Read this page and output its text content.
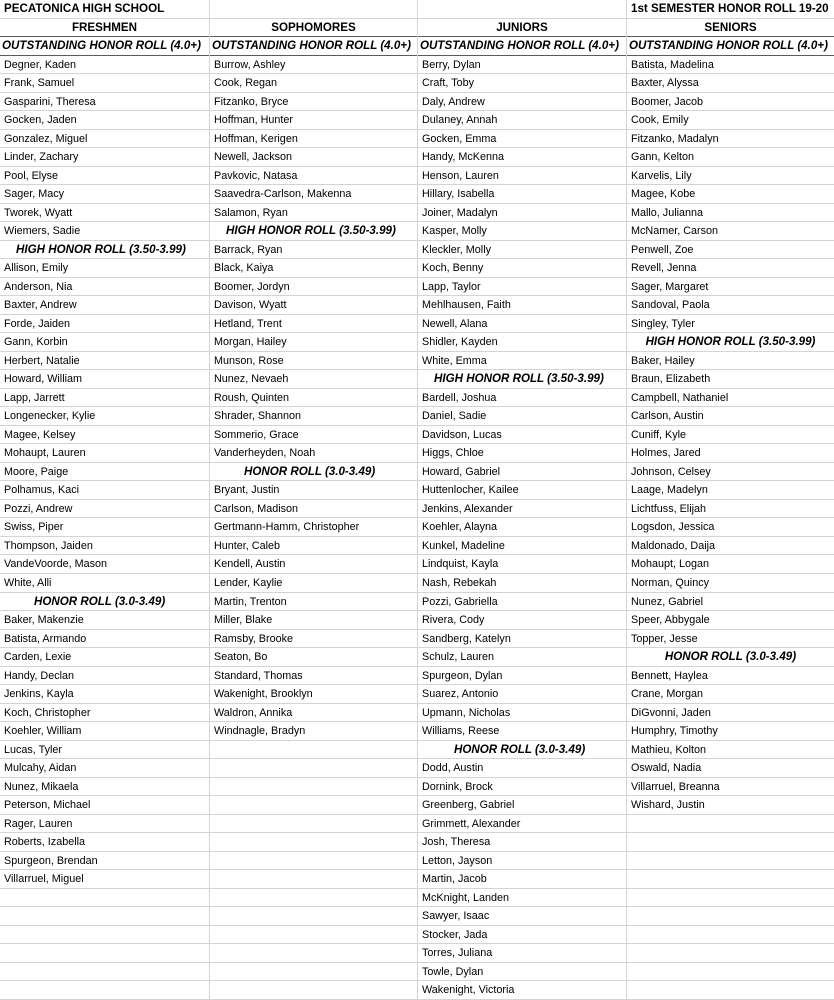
PECATONICA HIGH SCHOOL
FRESHMEN
OUTSTANDING HONOR ROLL (4.0+)
Degner, Kaden
Frank, Samuel
Gasparini, Theresa
Gocken, Jaden
Gonzalez, Miguel
Linder, Zachary
Pool, Elyse
Sager, Macy
Tworek, Wyatt
Wiemers, Sadie
HIGH HONOR ROLL (3.50-3.99)
Allison, Emily
Anderson, Nia
Baxter, Andrew
Forde, Jaiden
Gann, Korbin
Herbert, Natalie
Howard, William
Lapp, Jarrett
Longenecker, Kylie
Magee, Kelsey
Mohaupt, Lauren
Moore, Paige
Polhamus, Kaci
Pozzi, Andrew
Swiss, Piper
Thompson, Jaiden
VandeVoorde, Mason
White, Alli
HONOR ROLL (3.0-3.49)
Baker, Makenzie
Batista, Armando
Carden, Lexie
Handy, Declan
Jenkins, Kayla
Koch, Christopher
Koehler, William
Lucas, Tyler
Mulcahy, Aidan
Nunez, Mikaela
Peterson, Michael
Rager, Lauren
Roberts, Izabella
Spurgeon, Brendan
Villarruel, Miguel
SOPHOMORES
OUTSTANDING HONOR ROLL (4.0+)
Burrow, Ashley
Cook, Regan
Fitzanko, Bryce
Hoffman, Hunter
Hoffman, Kerigen
Newell, Jackson
Pavkovic, Natasa
Saavedra-Carlson, Makenna
Salamon, Ryan
HIGH HONOR ROLL (3.50-3.99)
Barrack, Ryan
Black, Kaiya
Boomer, Jordyn
Davison, Wyatt
Hetland, Trent
Morgan, Hailey
Munson, Rose
Nunez, Nevaeh
Roush, Quinten
Shrader, Shannon
Sommerio, Grace
Vanderheyden, Noah
HONOR ROLL (3.0-3.49)
Bryant, Justin
Carlson, Madison
Gertmann-Hamm, Christopher
Hunter, Caleb
Kendell, Austin
Lender, Kaylie
Martin, Trenton
Miller, Blake
Ramsby, Brooke
Seaton, Bo
Standard, Thomas
Wakenight, Brooklyn
Waldron, Annika
Windnagle, Bradyn
JUNIORS
OUTSTANDING HONOR ROLL (4.0+)
Berry, Dylan
Craft, Toby
Daly, Andrew
Dulaney, Annah
Gocken, Emma
Handy, McKenna
Henson, Lauren
Hillary, Isabella
Joiner, Madalyn
Kasper, Molly
Kleckler, Molly
Koch, Benny
Lapp, Taylor
Mehlhausen, Faith
Newell, Alana
Shidler, Kayden
White, Emma
HIGH HONOR ROLL (3.50-3.99)
Bardell, Joshua
Daniel, Sadie
Davidson, Lucas
Higgs, Chloe
Howard, Gabriel
Huttenlocher, Kailee
Jenkins, Alexander
Koehler, Alayna
Kunkel, Madeline
Lindquist, Kayla
Nash, Rebekah
Pozzi, Gabriella
Rivera, Cody
Sandberg, Katelyn
Schulz, Lauren
Spurgeon, Dylan
Suarez, Antonio
Upmann, Nicholas
Williams, Reese
HONOR ROLL (3.0-3.49)
Dodd, Austin
Dornink, Brock
Greenberg, Gabriel
Grimmett, Alexander
Josh, Theresa
Letton, Jayson
Martin, Jacob
McKnight, Landen
Sawyer, Isaac
Stocker, Jada
Torres, Juliana
Towle, Dylan
Wakenight, Victoria
1st SEMESTER HONOR ROLL 19-20
SENIORS
OUTSTANDING HONOR ROLL (4.0+)
Batista, Madelina
Baxter, Alyssa
Boomer, Jacob
Cook, Emily
Fitzanko, Madalyn
Gann, Kelton
Karvelis, Lily
Magee, Kobe
Mallo, Julianna
McNamer, Carson
Penwell, Zoe
Revell, Jenna
Sager, Margaret
Sandoval, Paola
Singley, Tyler
HIGH HONOR ROLL (3.50-3.99)
Baker, Hailey
Braun, Elizabeth
Campbell, Nathaniel
Carlson, Austin
Cuniff, Kyle
Holmes, Jared
Johnson, Celsey
Laage, Madelyn
Lichtfuss, Elijah
Logsdon, Jessica
Maldonado, Daija
Mohaupt, Logan
Norman, Quincy
Nunez, Gabriel
Speer, Abbygale
Topper, Jesse
HONOR ROLL (3.0-3.49)
Bennett, Haylea
Crane, Morgan
DiGvonni, Jaden
Humphry, Timothy
Mathieu, Kolton
Oswald, Nadia
Villarruel, Breanna
Wishard, Justin
